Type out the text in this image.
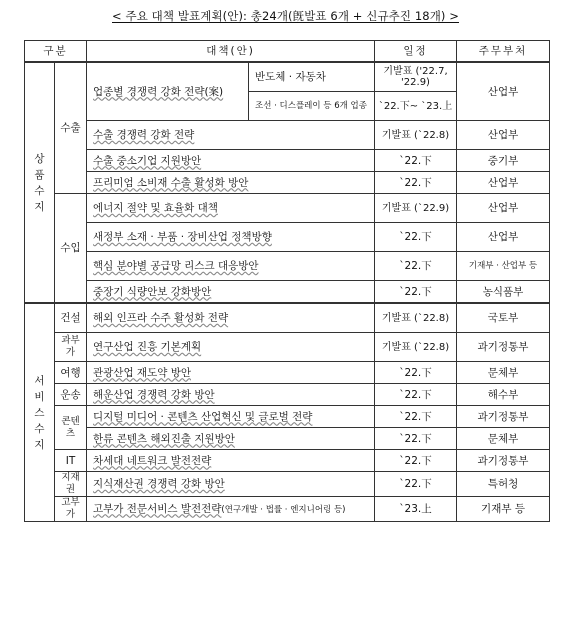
< 주요 대책 발표계획(안): 총24개(旣발표 6개 + 신규추진 18개) >
구분		대책(안)		일정	주무부처
상품수지	수출	업종별 경쟁력 강화 전략(案)	반도체 · 자동차	기발표 ('22.7, '22.9)	산업부
			조선 · 디스플레이 등 6개 업종	`22.下~ `23.上	
		수출 경쟁력 강화 전략		기발표 (`22.8)	산업부
		수출 중소기업 지원방안		`22.下	중기부
		프리미엄 소비재 수출 활성화 방안		`22.下	산업부
	수입	에너지 절약 및 효율화 대책		기발표 (`22.9)	산업부
		새정부 소재 · 부품 · 장비산업 정책방향		`22.下	산업부
		핵심 분야별 공급망 리스크 대응방안		`22.下	기재부 · 산업부 등
		중장기 식량안보 강화방안		`22.下	농식품부
서비스수지	건설	해외 인프라 수주 활성화 전략		기발표 (`22.8)	국토부
	과부가	연구산업 진흥 기본계획		기발표 (`22.8)	과기정통부
	여행	관광산업 재도약 방안		`22.下	문체부
	운송	해운산업 경쟁력 강화 방안		`22.下	해수부
	콘텐츠	디지털 미디어 · 콘텐츠 산업혁신 및 글로벌 전략		`22.下	과기정통부
		한류 콘텐츠 해외진출 지원방안		`22.下	문체부
	IT	차세대 네트워크 발전전략		`22.下	과기정통부
	지재권	지식재산권 경쟁력 강화 방안		`22.下	특허청
	고부가	고부가 전문서비스 발전전략(연구개발 · 법률 · 엔지니어링 등)		`23.上	기재부 등
